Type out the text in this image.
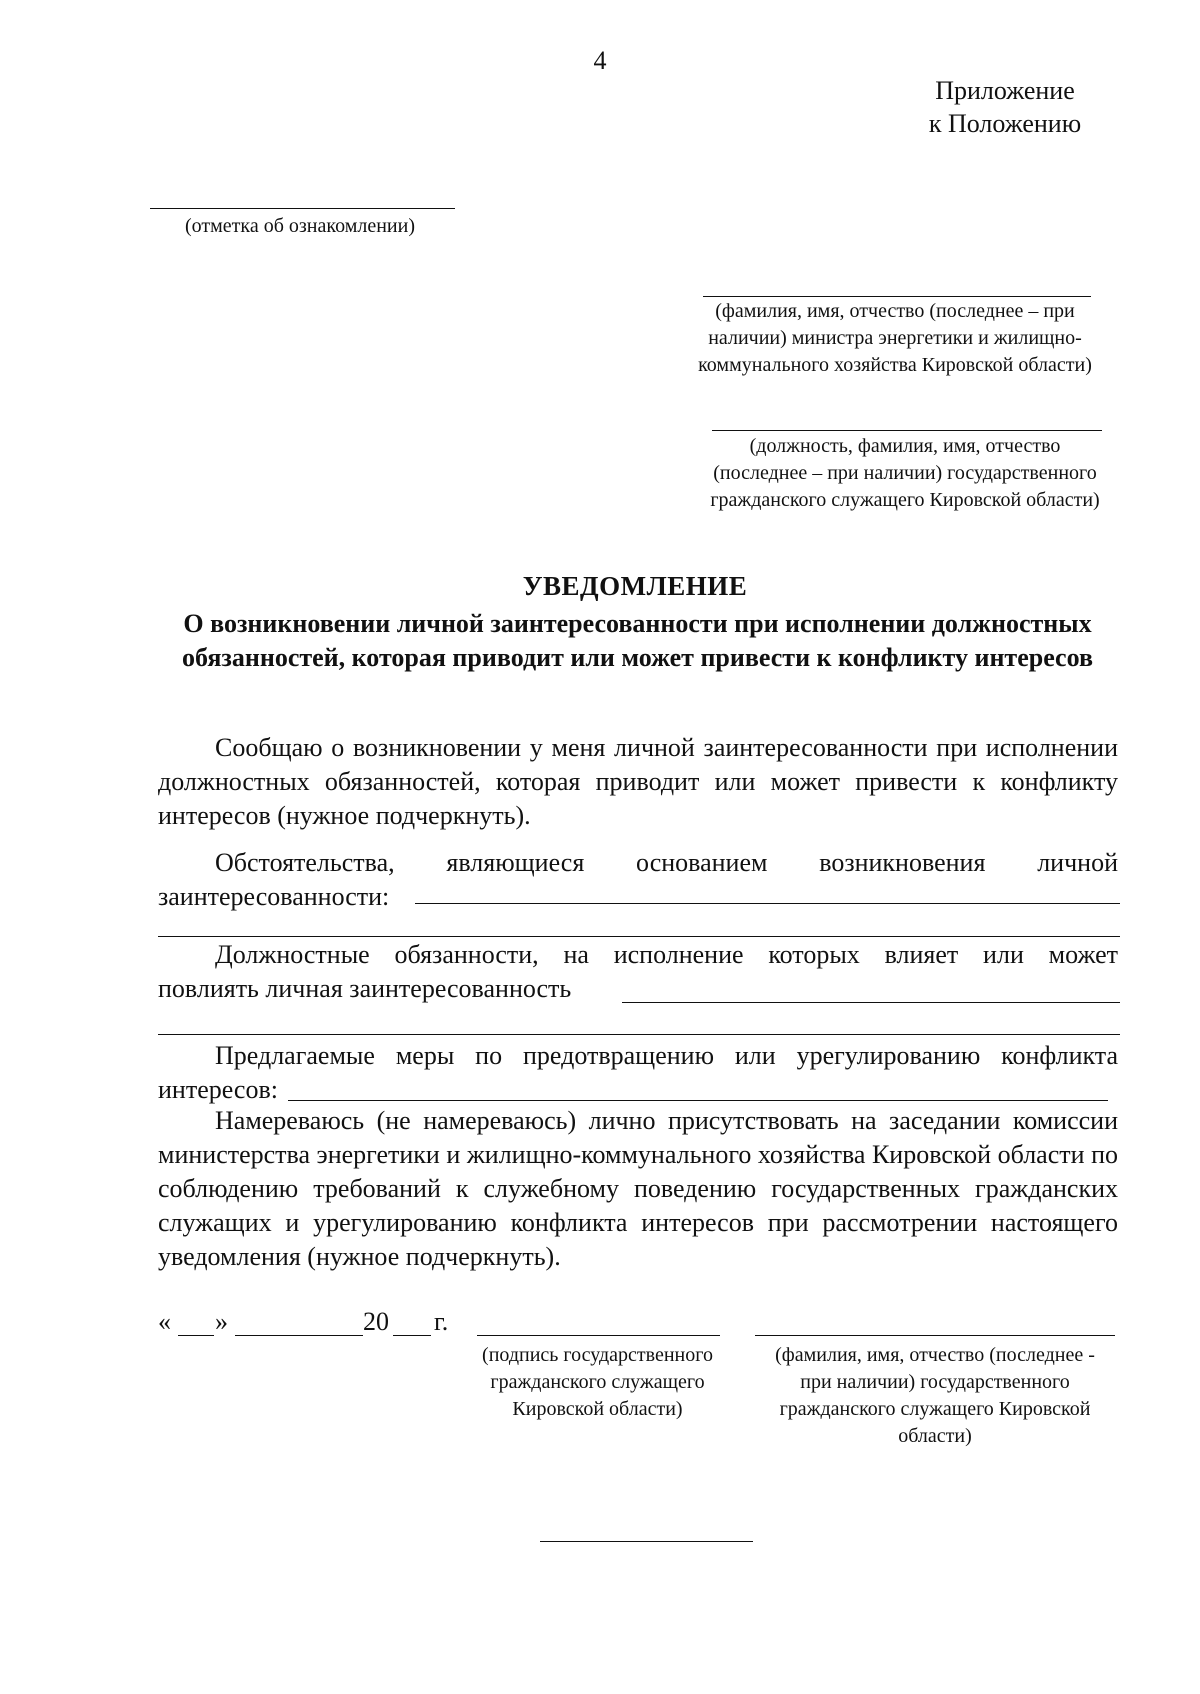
4
Приложение
к Положению
(отметка об ознакомлении)
(фамилия, имя, отчество (последнее – при наличии) министра энергетики и жилищно-коммунального хозяйства Кировской области)
(должность, фамилия, имя, отчество (последнее – при наличии) государственного гражданского служащего Кировской области)
УВЕДОМЛЕНИЕ
О возникновении личной заинтересованности при исполнении должностных обязанностей, которая приводит или может привести к конфликту интересов
Сообщаю о возникновении у меня личной заинтересованности при исполнении должностных обязанностей, которая приводит или может привести к конфликту интересов (нужное подчеркнуть).
Обстоятельства, являющиеся основанием возникновения личной
заинтересованности:
Должностные обязанности, на исполнение которых влияет или может
повлиять личная заинтересованность
Предлагаемые меры по предотвращению или урегулированию конфликта
интересов:
Намереваюсь (не намереваюсь) лично присутствовать на заседании комиссии министерства энергетики и жилищно-коммунального хозяйства Кировской области по соблюдению требований к служебному поведению государственных гражданских служащих и урегулированию конфликта интересов при рассмотрении настоящего уведомления (нужное подчеркнуть).
« »	20 г.
(подпись государственного гражданского служащего Кировской области)
(фамилия, имя, отчество (последнее - при наличии) государственного гражданского служащего Кировской области)
